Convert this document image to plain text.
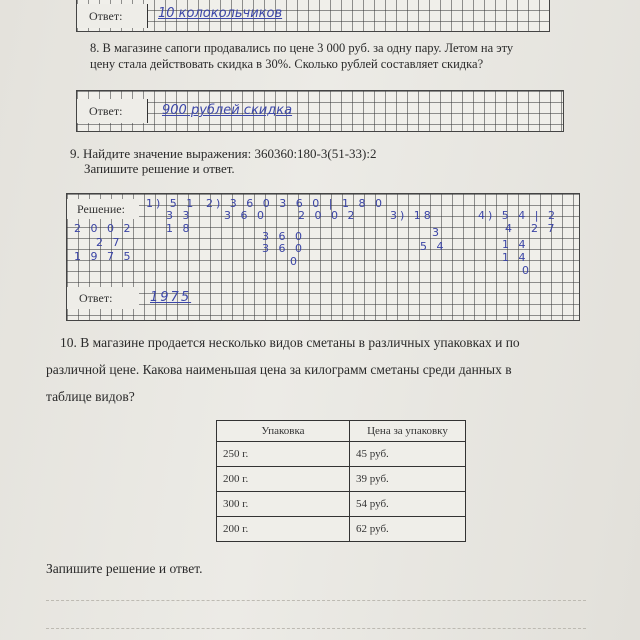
Ответ:	10 колокольчиков
8. В магазине сапоги продавались по цене 3 000 руб. за одну пару. Летом на эту
цену стала действовать скидка в 30%. Сколько рублей составляет скидка?
Ответ:	900 рублей скидка
9. Найдите значение выражения: 360360:180-3(51-33):2
Запишите решение и ответ.
Решение: 1) 5 1
3 3
1 8
2) 3 6 0 3 6 0 | 1 8 0
3 6 0	2 0 0 2
3 6 0
3 6 0
0
3) 18
3
5 4
4) 5 4 | 2
4 2 7
1 4
1 4
0
2 0 0 2
2 7
1 9 7 5
Ответ:	1975
10. В магазине продается несколько видов сметаны в различных упаковках и по
различной цене. Какова наименьшая цена за килограмм сметаны среди данных в
таблице видов?
Упаковка	Цена за упаковку
250 г.	45 руб.
200 г.	39 руб.
300 г.	54 руб.
200 г.	62 руб.
Запишите решение и ответ.
